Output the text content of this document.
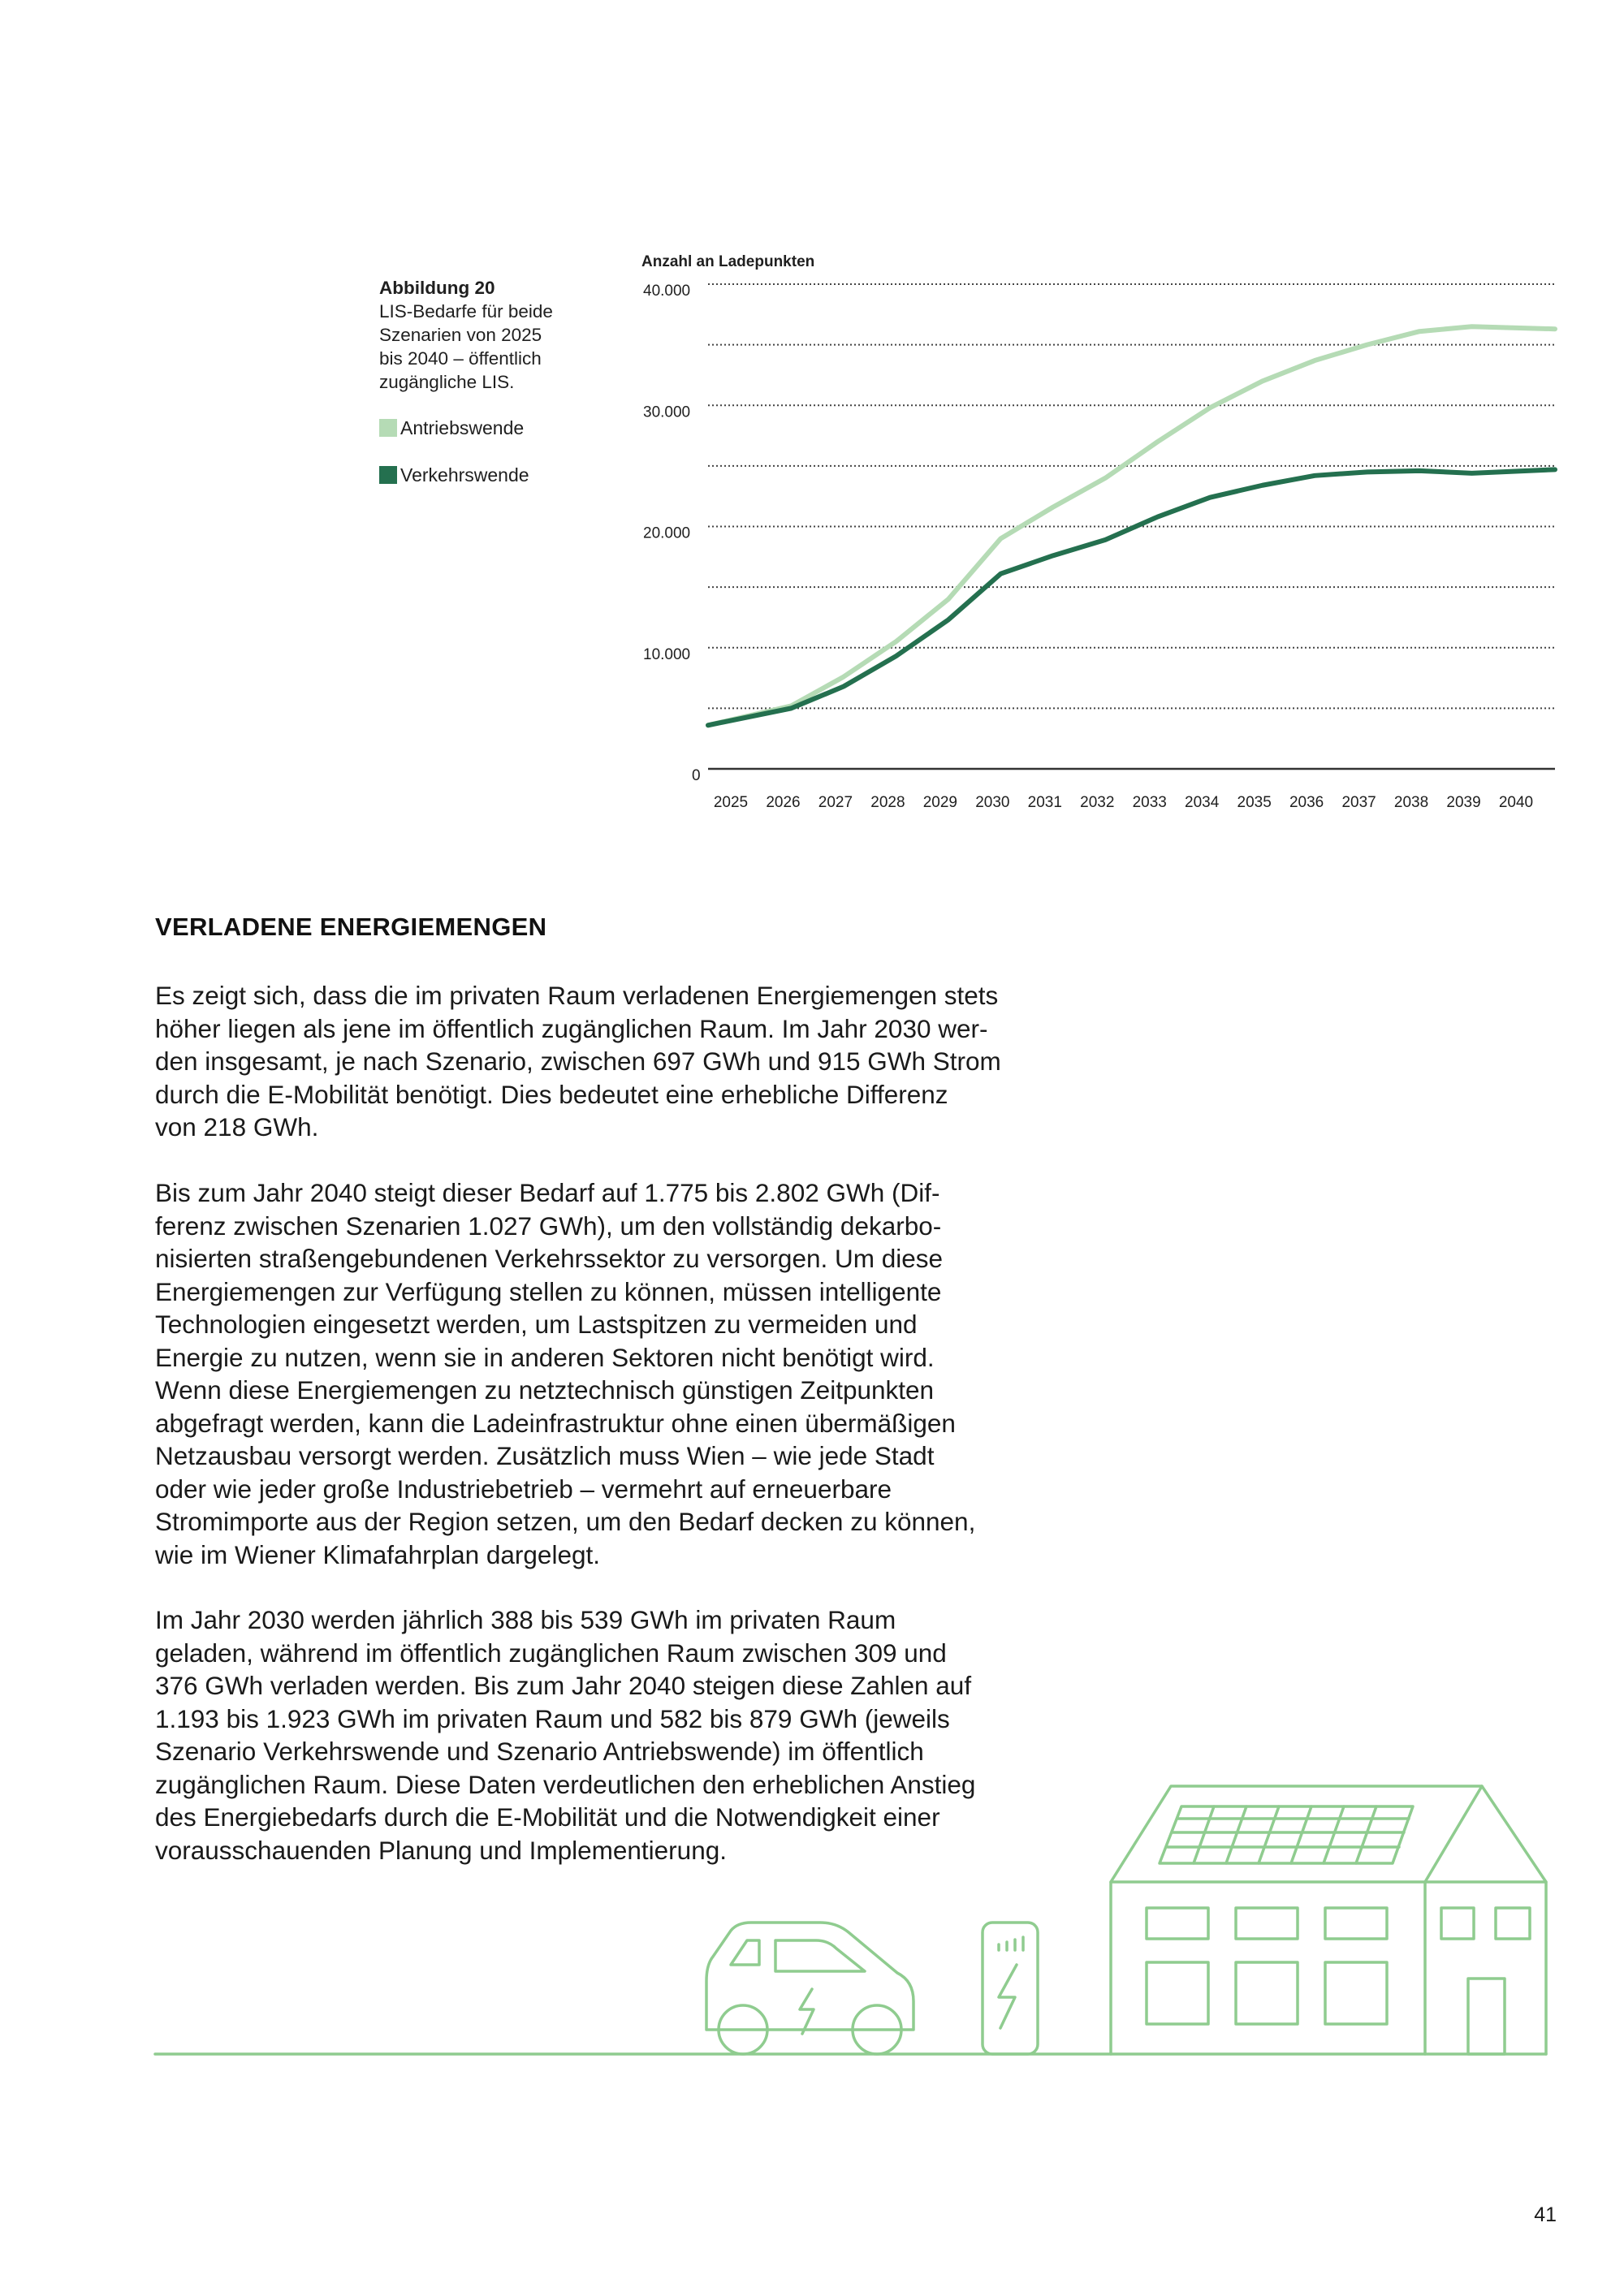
Abbildung 20
LIS-Bedarfe für beide
Szenarien von 2025
bis 2040 – öffentlich
zugängliche LIS.
Antriebswende
Verkehrswende
Anzahl an Ladepunkten
0
10.000
20.000
30.000
40.000
2025 2026 2027 2028 2029 2030 2031 2032 2033 2034 2035 2036 2037 2038 2039 2040
VERLADENE ENERGIEMENGEN

Es zeigt sich, dass die im privaten Raum verladenen Energiemengen stets
höher liegen als jene im öffentlich zugänglichen Raum. Im Jahr 2030 wer-
den insgesamt, je nach Szenario, zwischen 697 GWh und 915 GWh Strom
durch die E-Mobilität benötigt. Dies bedeutet eine erhebliche Differenz
von 218 GWh.

Bis zum Jahr 2040 steigt dieser Bedarf auf 1.775 bis 2.802 GWh (Dif-
ferenz zwischen Szenarien 1.027 GWh), um den vollständig dekarbo-
nisierten straßengebundenen Verkehrssektor zu versorgen. Um diese
Energiemengen zur Verfügung stellen zu können, müssen intelligente
Technologien eingesetzt werden, um Lastspitzen zu vermeiden und
Energie zu nutzen, wenn sie in anderen Sektoren nicht benötigt wird.
Wenn diese Energiemengen zu netztechnisch günstigen Zeitpunkten
abgefragt werden, kann die Ladeinfrastruktur ohne einen übermäßigen
Netzausbau versorgt werden. Zusätzlich muss Wien – wie jede Stadt
oder wie jeder große Industriebetrieb – vermehrt auf erneuerbare
Stromimporte aus der Region setzen, um den Bedarf decken zu können,
wie im Wiener Klimafahrplan dargelegt.

Im Jahr 2030 werden jährlich 388 bis 539 GWh im privaten Raum
geladen, während im öffentlich zugänglichen Raum zwischen 309 und
376 GWh verladen werden. Bis zum Jahr 2040 steigen diese Zahlen auf
1.193 bis 1.923 GWh im privaten Raum und 582 bis 879 GWh (jeweils
Szenario Verkehrswende und Szenario Antriebswende) im öffentlich
zugänglichen Raum. Diese Daten verdeutlichen den erheblichen Anstieg
des Energiebedarfs durch die E-Mobilität und die Notwendigkeit einer
vorausschauenden Planung und Implementierung.

41
